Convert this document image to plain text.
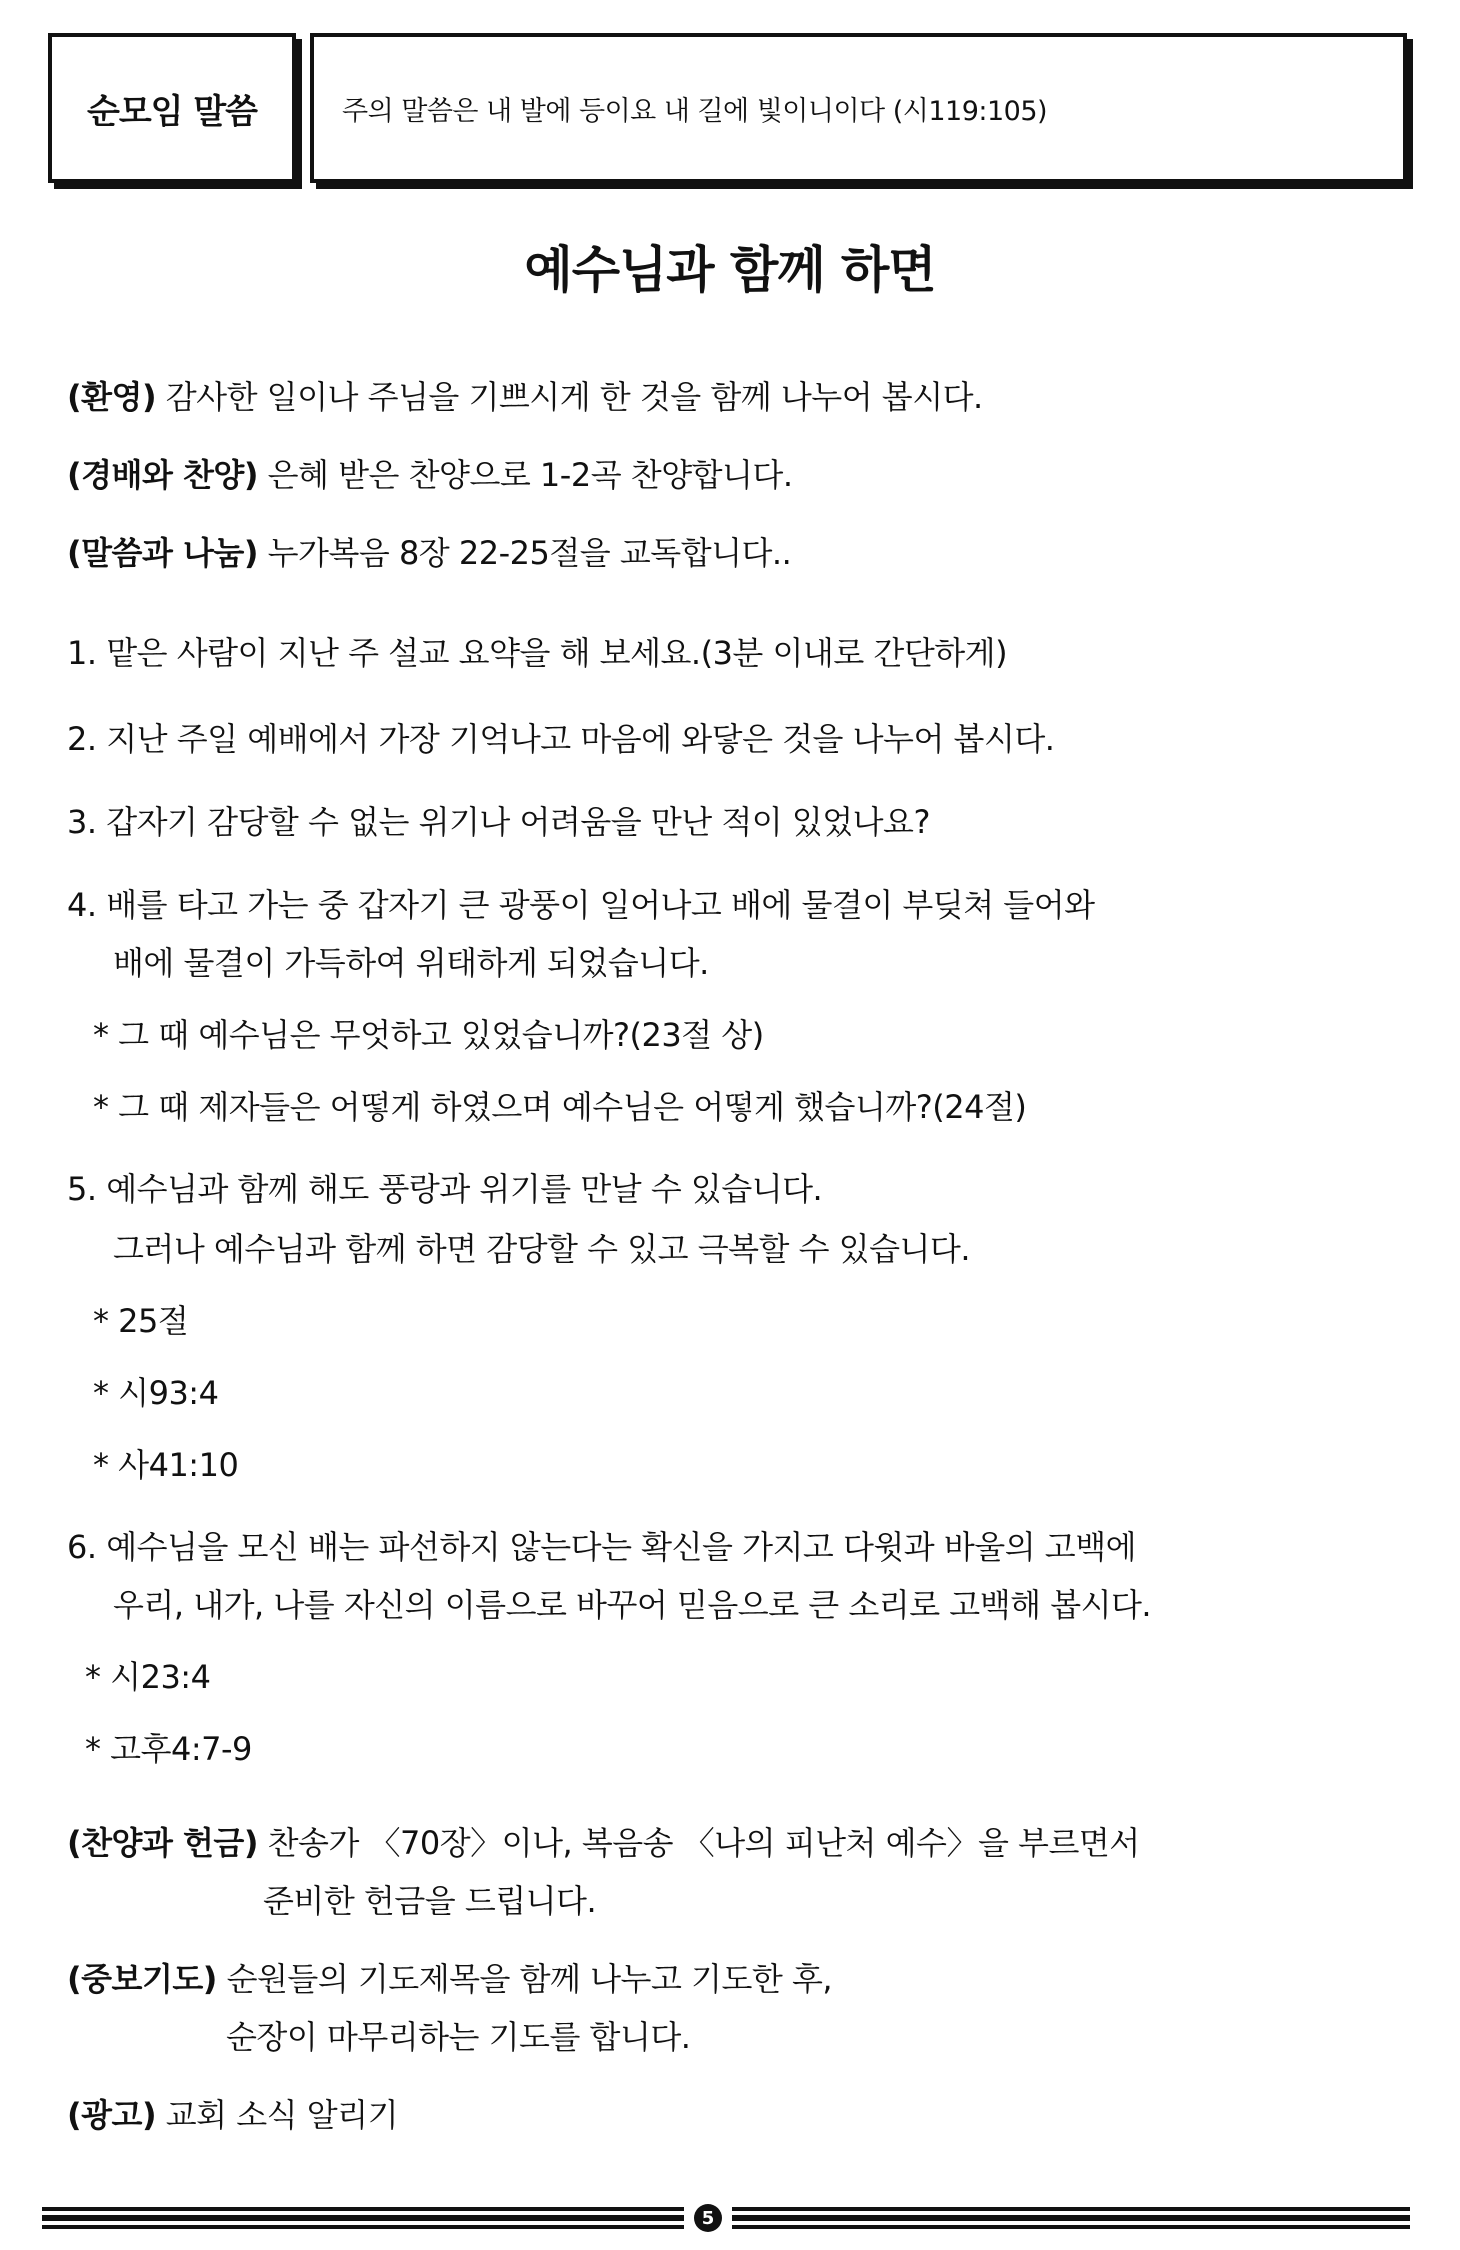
순모임 말씀	주의 말씀은 내 발에 등이요 내 길에 빛이니이다 (시119:105)
예수님과 함께 하면
(환영) 감사한 일이나 주님을 기쁘시게 한 것을 함께 나누어 봅시다.
(경배와 찬양) 은혜 받은 찬양으로 1-2곡 찬양합니다.
(말씀과 나눔) 누가복음 8장 22-25절을 교독합니다..
1. 맡은 사람이 지난 주 설교 요약을 해 보세요.(3분 이내로 간단하게)
2. 지난 주일 예배에서 가장 기억나고 마음에 와닿은 것을 나누어 봅시다.
3. 갑자기 감당할 수 없는 위기나 어려움을 만난 적이 있었나요?
4. 배를 타고 가는 중 갑자기 큰 광풍이 일어나고 배에 물결이 부딪쳐 들어와
배에 물결이 가득하여 위태하게 되었습니다.
* 그 때 예수님은 무엇하고 있었습니까?(23절 상)
* 그 때 제자들은 어떻게 하였으며 예수님은 어떻게 했습니까?(24절)
5. 예수님과 함께 해도 풍랑과 위기를 만날 수 있습니다.
그러나 예수님과 함께 하면 감당할 수 있고 극복할 수 있습니다.
* 25절
* 시93:4
* 사41:10
6. 예수님을 모신 배는 파선하지 않는다는 확신을 가지고 다윗과 바울의 고백에
우리, 내가, 나를 자신의 이름으로 바꾸어 믿음으로 큰 소리로 고백해 봅시다.
* 시23:4
* 고후4:7-9
(찬양과 헌금) 찬송가 〈70장〉이나, 복음송 〈나의 피난처 예수〉을 부르면서
준비한 헌금을 드립니다.
(중보기도) 순원들의 기도제목을 함께 나누고 기도한 후,
순장이 마무리하는 기도를 합니다.
(광고) 교회 소식 알리기
5
